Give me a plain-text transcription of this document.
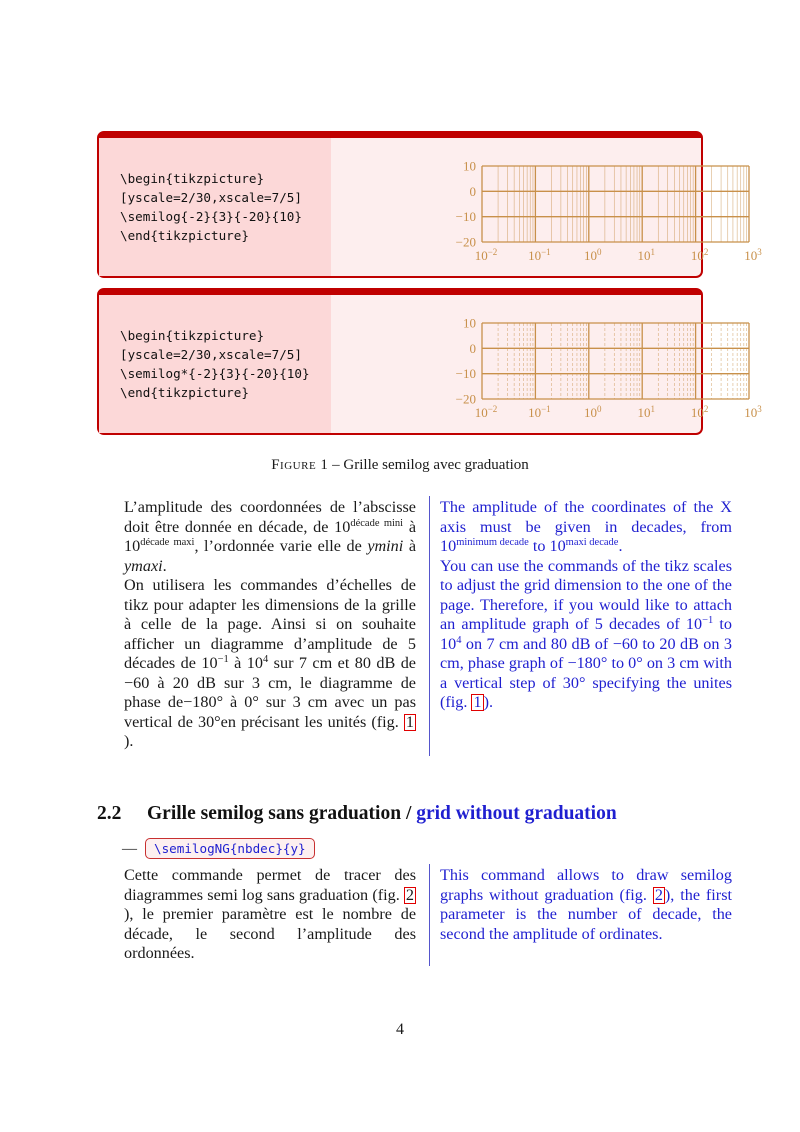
\begin{tikzpicture}
[yscale=2/30,xscale=7/5]
\semilog{-2}{3}{-20}{10}
\end{tikzpicture}
10
0
−10
−20
$10^{-2}$ $10^{-1}$	$10^0$	$10^1$	$10^2$	$10^3$
\begin{tikzpicture}
[yscale=2/30,xscale=7/5]
\semilog*{-2}{3}{-20}{10}
\end{tikzpicture}
10
0
−10
−20
$10^{-2}$ $10^{-1}$	$10^0$	$10^1$	$10^2$	$10^3$
Figure 1 – Grille semilog avec graduation

L’amplitude des coordonnées de l’abscisse doit être donnée en décade, de $10^{décade mini}$ à $10^{décade maxi}$, l’ordonnée varie elle de ymini à ymaxi.

On utilisera les commandes d’échelles de tikz pour adapter les dimensions de la grille à celle de la page. Ainsi si on souhaite afficher un diagramme d’amplitude de 5 décades de $10^{-1}$ à $10^4$ sur 7 cm et 80 dB de −60 à 20 dB sur 3 cm, le diagramme de phase de−180° à 0° sur 3 cm avec un pas vertical de 30°en précisant les unités (fig. 1).

The amplitude of the coordinates of the X axis must be given in decades, from $10^{minimum decade}$ to $10^{maxi decade}$.

You can use the commands of the tikz scales to adjust the grid dimension to the one of the page. Therefore, if you would like to attach an amplitude graph of 5 decades of $10^{-1}$ to $10^4$ on 7 cm and 80 dB of −60 to 20 dB on 3 cm, phase graph of −180° to 0° on 3 cm with a vertical step of 30° specifying the unites (fig. 1 ).

2.2 Grille semilog sans graduation / grid without graduation
— \semilogNG{nbdec}{y}

Cette commande permet de tracer des diagrammes semi log sans graduation (fig. 2), le premier paramètre est le nombre de décade, le second l’amplitude des ordonnées.

This command allows to draw semilog graphs without graduation (fig. 2 ), the first parameter is the number of decade, the second the amplitude of ordinates.

4
